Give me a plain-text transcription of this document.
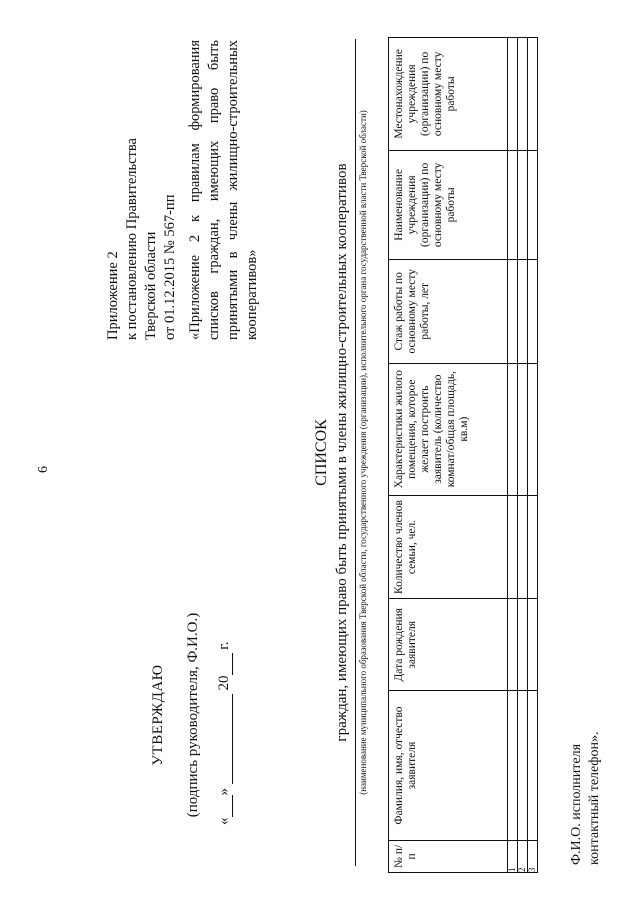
6
Приложение 2 к постановлению Правительства Тверской области от 01.12.2015 № 567-пп «Приложение 2 к правилам формирования списков граждан, имеющих право быть принятыми в члены жилищно-строительных кооперативов»
УТВЕРЖДАЮ (подпись руководителя, Ф.И.О.)
«»  20 г.
СПИСОК граждан, имеющих право быть принятыми в члены жилищно-строительных кооперативов (наименование муниципального образования Тверской области, государственного учреждения (организации), исполнительного органа государственной власти Тверской области)
№ п/п	Фамилия, имя, отчество заявителя	Дата рождения заявителя	Количество членов семьи, чел.	Характеристики жилого помещения, которое желает построить заявитель (количество комнат/общая площадь, кв.м)	Стаж работы по основному месту работы, лет	Наименование учреждения (организации) по основному месту работы	Местонахождение учреждения (организации) по основному месту работы
1							
2							
3							
Ф.И.О. исполнителя контактный телефон».
